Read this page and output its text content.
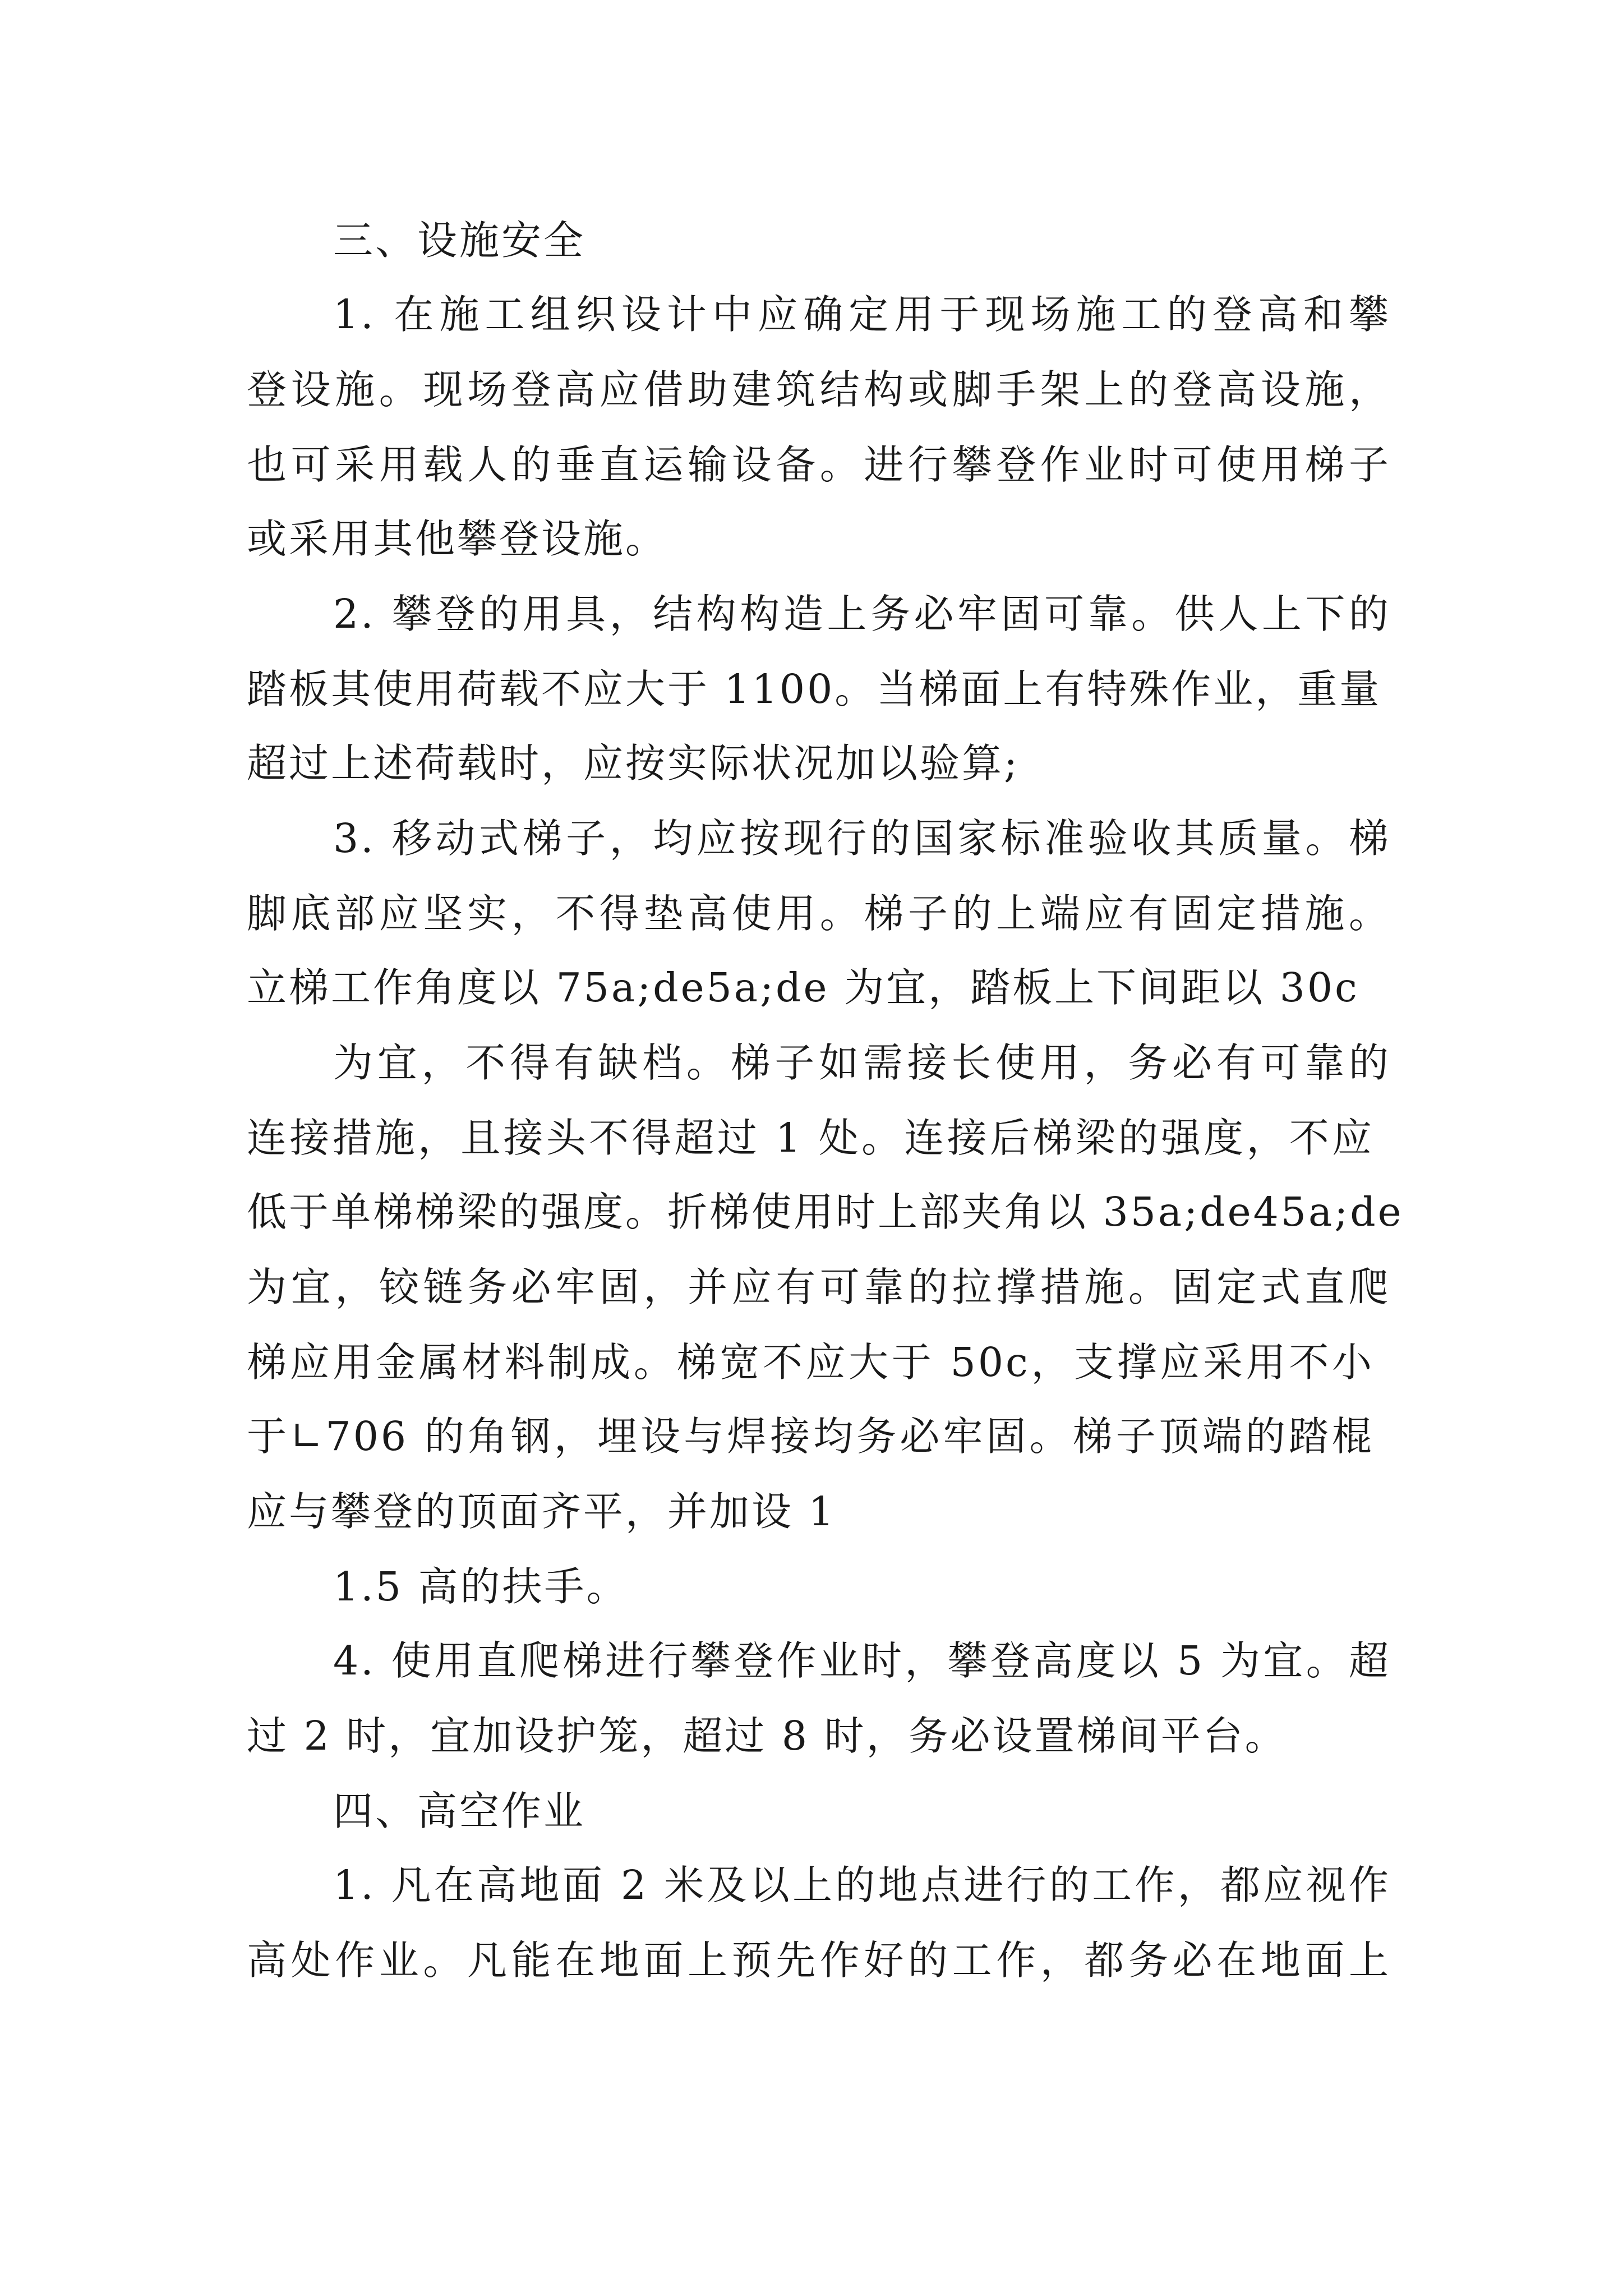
三、设施安全
1. 在施工组织设计中应确定用于现场施工的登高和攀
登设施。现场登高应借助建筑结构或脚手架上的登高设施，
也可采用载人的垂直运输设备。进行攀登作业时可使用梯子
或采用其他攀登设施。
2. 攀登的用具，结构构造上务必牢固可靠。供人上下的
踏板其使用荷载不应大于 1100。当梯面上有特殊作业，重量
超过上述荷载时，应按实际状况加以验算;
3. 移动式梯子，均应按现行的国家标准验收其质量。梯
脚底部应坚实，不得垫高使用。梯子的上端应有固定措施。
立梯工作角度以 75a;de5a;de 为宜，踏板上下间距以 30c
为宜，不得有缺档。梯子如需接长使用，务必有可靠的
连接措施，且接头不得超过 1 处。连接后梯梁的强度，不应
低于单梯梯梁的强度。折梯使用时上部夹角以 35a;de45a;de
为宜，铰链务必牢固，并应有可靠的拉撑措施。固定式直爬
梯应用金属材料制成。梯宽不应大于 50c，支撑应采用不小
于∟706 的角钢，埋设与焊接均务必牢固。梯子顶端的踏棍
应与攀登的顶面齐平，并加设 1
1.5 高的扶手。
4. 使用直爬梯进行攀登作业时，攀登高度以 5 为宜。超
过 2 时，宜加设护笼，超过 8 时，务必设置梯间平台。
四、高空作业
1. 凡在高地面 2 米及以上的地点进行的工作，都应视作
高处作业。凡能在地面上预先作好的工作，都务必在地面上
